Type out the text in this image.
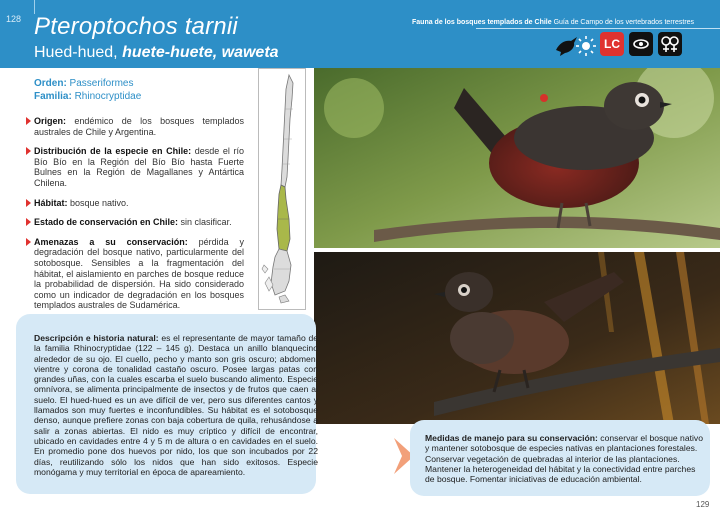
128 Pteroptochos tarnii
Hued-hued, huete-huete, waweta
Fauna de los bosques templados de Chile Guía de Campo de los vertebrados terrestres
LC
Orden: Passeriformes
Familia: Rhinocryptidae
Origen: endémico de los bosques templados australes de Chile y Argentina.
Distribución de la especie en Chile: desde el río Bío Bío en la Región del Bío Bío hasta Fuerte Bulnes en la Región de Magallanes y Antártica Chilena.
Hábitat: bosque nativo.
Estado de conservación en Chile: sin clasificar.
Amenazas a su conservación: pérdida y degradación del bosque nativo, particularmente del sotobosque. Sensibles a la fragmentación del hábitat, el aislamiento en parches de bosque reduce la probabilidad de dispersión. Ha sido considerado como un indicador de degradación en los bosques templados australes de Sudamérica.
Descripción e historia natural: es el representante de mayor tamaño de la familia Rhinocryptidae (122 – 145 g). Destaca un anillo blanquecino alrededor de su ojo. El cuello, pecho y manto son gris oscuro; abdomen, vientre y corona de tonalidad castaño oscuro. Posee largas patas con grandes uñas, con la cuales escarba el suelo buscando alimento. Especie omnívora, se alimenta principalmente de insectos y de frutos que caen al suelo. El hued-hued es un ave difícil de ver, pero sus diferentes cantos y llamados son muy fuertes e inconfundibles. Su hábitat es el sotobosque denso, aunque prefiere zonas con baja cobertura de quila, rehusándose a salir a zonas abiertas. El nido es muy críptico y difícil de encontrar, ubicado en cavidades entre 4 y 5 m de altura o en cavidades en el suelo. En promedio pone dos huevos por nido, los que son incubados por 22 días, reutilizando sólo los nidos que han sido exitosos. Especie monógama y muy territorial en época de apareamiento.
Medidas de manejo para su conservación: conservar el bosque nativo y mantener sotobosque de especies nativas en plantaciones forestales. Conservar vegetación de quebradas al interior de las plantaciones. Mantener la heterogeneidad del hábitat y la conectividad entre parches de bosque. Fomentar iniciativas de educación ambiental.
129
